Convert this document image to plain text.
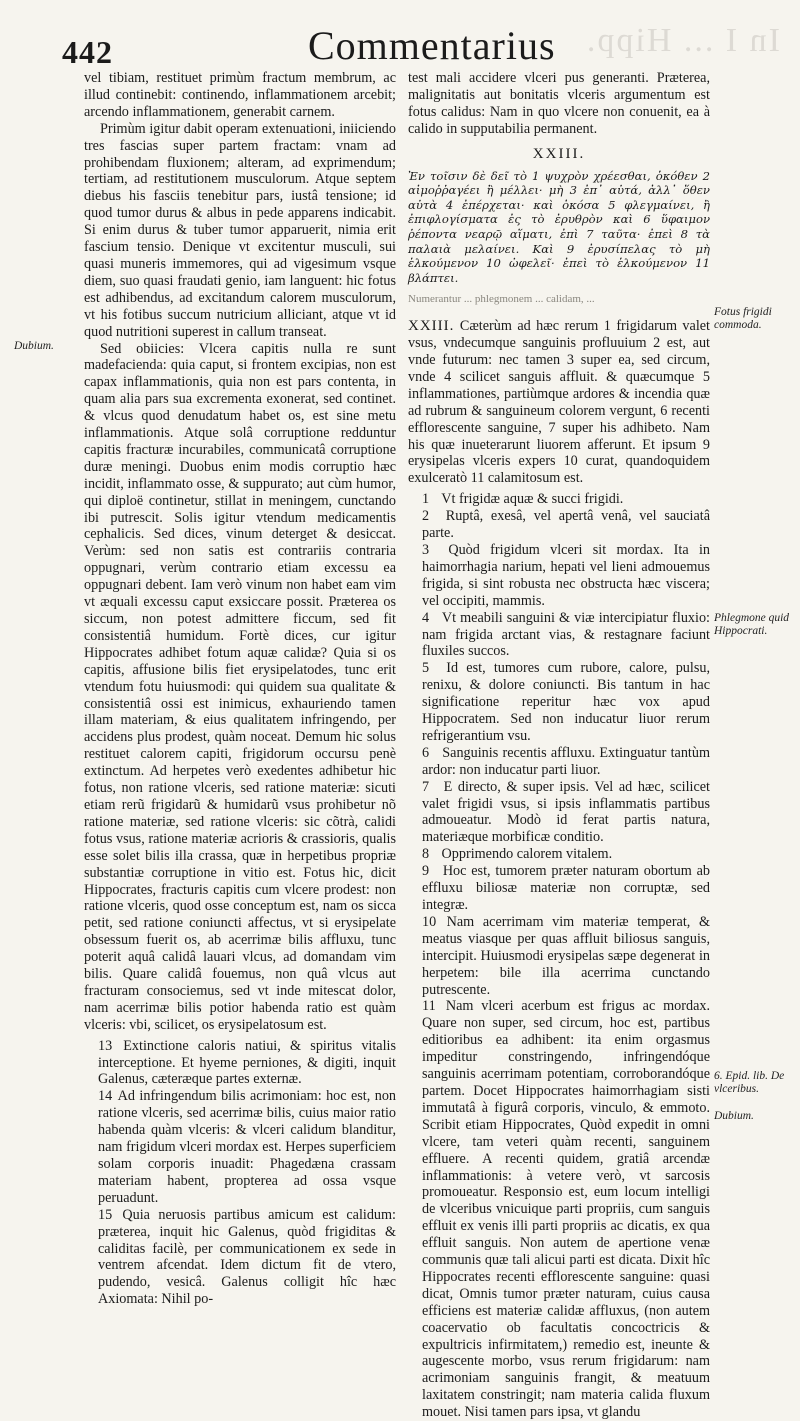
In I ... Hipp.
442	Commentarius

vel tibiam, restituet primùm fractum membrum, ac illud continebit: continendo, inflammationem arcebit; arcendo inflammationem, generabit carnem.

Primùm igitur dabit operam extenuationi, iniiciendo tres fascias super partem fractam: vnam ad prohibendam fluxionem; alteram, ad exprimendum; tertiam, ad restitutionem musculorum. Atque septem diebus his fasciis tenebitur pars, iustâ tensione; id quod tumor durus & albus in pede apparens indicabit. Si enim durus & tuber tumor apparuerit, nimia erit fascium tensio. Denique vt excitentur musculi, sui quasi muneris immemores, qui ad vigesimum vsque diem, suo quasi fraudati genio, iam languent: hic fotus est adhibendus, ad excitandum calorem musculorum, vt his fotibus succum nutricium alliciant, atque vt id quod nutritioni superest in callum transeat.

Sed obiicies: Vlcera capitis nulla re sunt madefacienda: quia caput, si frontem excipias, non est capax inflammationis, quia non est pars contenta, in quam alia pars sua excrementa exonerat, sed continet. & vlcus quod denudatum habet os, est sine metu inflammationis. Atque solâ corruptione redduntur capitis fracturæ incurabiles, communicatâ corruptione duræ meningi. Duobus enim modis corruptio hæc incidit, inflammato osse, & suppurato; aut cùm humor, qui diploë continetur, stillat in meningem, cunctando ibi putrescit. Solis igitur vtendum medicamentis cephalicis. Sed dices, vinum deterget & desiccat. Verùm: sed non satis est contrariis contraria oppugnari, verùm contrario etiam excessu ea oppugnari debent. Iam verò vinum non habet eam vim vt æquali excessu caput exsiccare possit. Præterea os siccum, non potest admittere ficcum, sed fit consistentiâ humidum. Fortè dices, cur igitur Hippocrates adhibet fotum aquæ calidæ? Quia si os capitis, affusione bilis fiet erysipelatodes, tunc erit vtendum fotu huiusmodi: qui quidem sua qualitate & consistentiâ ossi est inimicus, exhauriendo tamen illam materiam, & eius qualitatem infringendo, per accidens plus prodest, quàm noceat. Demum hic solus restituet calorem capiti, frigidorum occursu penè extinctum. Ad herpetes verò exedentes adhibetur hic fotus, non ratione vlceris, sed ratione materiæ: sicuti etiam rerũ frigidarũ & humidarũ vsus prohibetur nõ ratione materiæ, sed ratione vlceris: sic cõtrà, calidi fotus vsus, ratione materiæ acrioris & crassioris, qualis esse solet bilis illa crassa, quæ in herpetibus propriæ substantiæ corruptione in vitio est. Fotus hic, dicit Hippocrates, fracturis capitis cum vlcere prodest: non ratione vlceris, quod osse conceptum est, nam os sicca petit, sed ratione coniuncti affectus, vt si erysipelate obsessum fuerit os, ab acerrimæ bilis affluxu, tunc poterit aquâ calidâ lauari vlcus, ad domandam vim bilis. Quare calidâ fouemus, non quâ vlcus aut fracturam consociemus, sed vt inde mitescat dolor, nam acerrimæ bilis potior habenda ratio est quàm vlceris: vbi, scilicet, os erysipelatosum est.

13 Extinctione caloris natiui, & spiritus vitalis interceptione. Et hyeme perniones, & digiti, inquit Galenus, cæteræque partes externæ.

14 Ad infringendum bilis acrimoniam: hoc est, non ratione vlceris, sed acerrimæ bilis, cuius maior ratio habenda quàm vlceris: & vlceri calidum blanditur, nam frigidum vlceri mordax est. Herpes superficiem solam corporis inuadit: Phagedæna crassam materiam habent, propterea ad ossa vsque peruadunt.

15 Quia neruosis partibus amicum est calidum: præterea, inquit hic Galenus, quòd frigiditas & caliditas facilè, per communicationem ex sede in ventrem afcendat. Idem dictum fit de vtero, pudendo, vesicâ. Galenus colligit hîc hæc Axiomata: Nihil po-

test mali accidere vlceri pus generanti. Præterea, malignitatis aut bonitatis vlceris argumentum est fotus calidus: Nam in quo vlcere non conuenit, ea à calido in supputabilia permanent.

XXIII.

Ἐν τοῖσιν δὲ δεῖ τὸ 1 ψυχρὸν χρέεσθαι, ὁκόθεν 2 αἱμοῤῥαγέει ἢ μέλλει· μὴ 3 ἐπ᾽ αὐτά, ἀλλ᾽ ὅθεν αὐτὰ 4 ἐπέρχεται· καὶ ὁκόσα 5 φλεγμαίνει, ἢ ἐπιφλογίσματα ἐς τὸ ἐρυθρὸν καὶ 6 ὕφαιμον ῥέποντα νεαρῷ αἵματι, ἐπὶ 7 ταῦτα· ἐπεὶ 8 τὰ παλαιὰ μελαίνει. Καὶ 9 ἐρυσίπελας τὸ μὴ ἑλκούμενον 10 ὠφελεῖ· ἐπεὶ τὸ ἑλκούμενον 11 βλάπτει.

Numerantur ... phlegmonem ... calidam, ...

XXIII. Cæterùm ad hæc rerum 1 frigidarum valet vsus, vndecumque sanguinis profluuium 2 est, aut vnde futurum: nec tamen 3 super ea, sed circum, vnde 4 scilicet sanguis affluit. & quæcumque 5 inflammationes, partiùmque ardores & incendia quæ ad rubrum & sanguineum colorem vergunt, 6 recenti efflorescente sanguine, 7 super his adhibeto. Nam his quæ inueterarunt liuorem afferunt. Et ipsum 9 erysipelas vlceris expers 10 curat, quandoquidem exulceratò 11 calamitosum est.

1 Vt frigidæ aquæ & succi frigidi.

2 Ruptâ, exesâ, vel apertâ venâ, vel sauciatâ parte.

3 Quòd frigidum vlceri sit mordax. Ita in haimorrhagia narium, hepati vel lieni admouemus frigida, si sint robusta nec obstructa hæc viscera; vel occipiti, mammis.

4 Vt meabili sanguini & viæ intercipiatur fluxio: nam frigida arctant vias, & restagnare faciunt fluxiles succos.

5 Id est, tumores cum rubore, calore, pulsu, renixu, & dolore coniuncti. Bis tantum in hac significatione reperitur hæc vox apud Hippocratem. Sed non inducatur liuor rerum refrigerantium vsu.

6 Sanguinis recentis affluxu. Extinguatur tantùm ardor: non inducatur parti liuor.

7 E directo, & super ipsis. Vel ad hæc, scilicet valet frigidi vsus, si ipsis inflammatis partibus admoueatur. Modò id ferat partis natura, materiæque morbificæ conditio.

8 Opprimendo calorem vitalem.

9 Hoc est, tumorem præter naturam obortum ab effluxu biliosæ materiæ non corruptæ, sed integræ.

10 Nam acerrimam vim materiæ temperat, & meatus viasque per quas affluit biliosus sanguis, intercipit. Huiusmodi erysipelas sæpe degenerat in herpetem: bile illa acerrima cunctando putrescente.

11 Nam vlceri acerbum est frigus ac mordax. Quare non super, sed circum, hoc est, partibus editioribus ea adhibent: ita enim orgasmus impeditur constringendo, infringendóque sanguinis acerrimam potentiam, corroborandóque partem. Docet Hippocrates haimorrhagiam sisti immutatâ à figurâ corporis, vinculo, & emmoto. Scribit etiam Hippocrates, Quòd expedit in omni vlcere, tam veteri quàm recenti, sanguinem effluere. A recenti quidem, gratiâ arcendæ inflammationis: à vetere verò, vt sarcosis promoueatur. Responsio est, eum locum intelligi de vlceribus vnicuique parti propriis, cum sanguis effluit ex venis illi parti propriis ac dicatis, ex qua effluit sanguis. Non autem de apertione venæ communis quæ tali alicui parti est dicata. Dixit hîc Hippocrates recenti efflorescente sanguine: quasi dicat, Omnis tumor præter naturam, cuius causa efficiens est materiæ calidæ affluxus, (non autem coacervatio ob facultatis concoctricis & expultricis infirmitatem,) remedio est, ineunte & augescente morbo, vsus rerum frigidarum: nam acrimoniam sanguinis frangit, & meatuum laxitatem constringit; nam materia calida fluxum mouet. Nisi tamen pars ipsa, vt glandu

Dubium.
Fotus frigidi commoda.
Phlegmone quid Hippocrati.
6. Epid. lib. De vlceribus.
Dubium.
